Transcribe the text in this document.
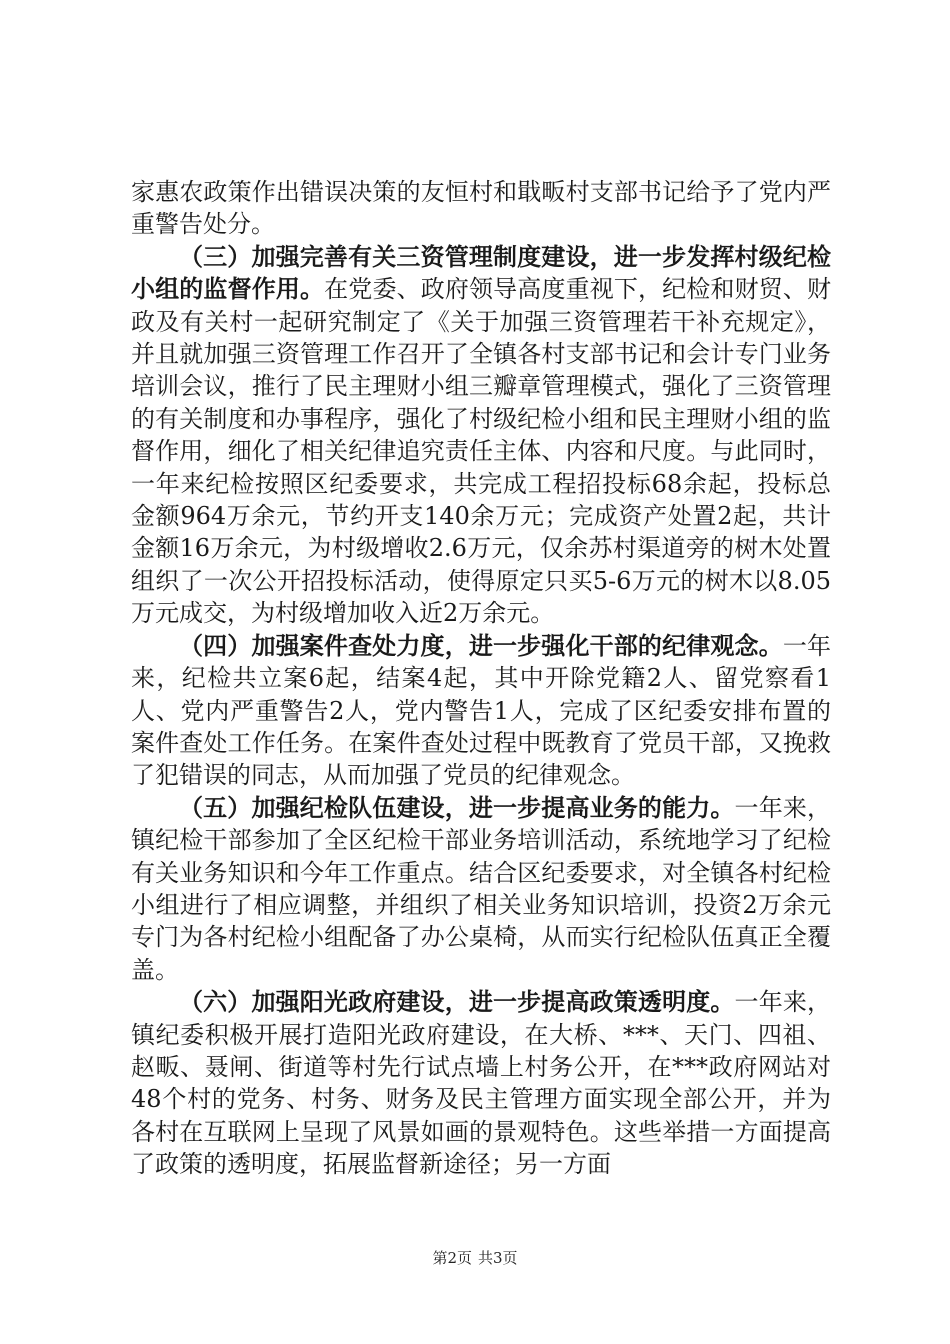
家惠农政策作出错误决策的友恒村和戢畈村支部书记给予了党内严重警告处分。

（三）加强完善有关三资管理制度建设，进一步发挥村级纪检小组的监督作用。在党委、政府领导高度重视下，纪检和财贸、财政及有关村一起研究制定了《关于加强三资管理若干补充规定》，并且就加强三资管理工作召开了全镇各村支部书记和会计专门业务培训会议，推行了民主理财小组三瓣章管理模式，强化了三资管理的有关制度和办事程序，强化了村级纪检小组和民主理财小组的监督作用，细化了相关纪律追究责任主体、内容和尺度。与此同时，一年来纪检按照区纪委要求，共完成工程招投标68余起，投标总金额964万余元，节约开支140余万元；完成资产处置2起，共计金额16万余元，为村级增收2.6万元，仅余苏村渠道旁的树木处置组织了一次公开招投标活动，使得原定只买5-6万元的树木以8.05万元成交，为村级增加收入近2万余元。

（四）加强案件查处力度，进一步强化干部的纪律观念。一年来，纪检共立案6起，结案4起，其中开除党籍2人、留党察看1人、党内严重警告2人，党内警告1人，完成了区纪委安排布置的案件查处工作任务。在案件查处过程中既教育了党员干部，又挽救了犯错误的同志，从而加强了党员的纪律观念。

（五）加强纪检队伍建设，进一步提高业务的能力。一年来，镇纪检干部参加了全区纪检干部业务培训活动，系统地学习了纪检有关业务知识和今年工作重点。结合区纪委要求，对全镇各村纪检小组进行了相应调整，并组织了相关业务知识培训，投资2万余元专门为各村纪检小组配备了办公桌椅，从而实行纪检队伍真正全覆盖。

（六）加强阳光政府建设，进一步提高政策透明度。一年来，镇纪委积极开展打造阳光政府建设，在大桥、***、天门、四祖、赵畈、聂闸、街道等村先行试点墙上村务公开，在***政府网站对48个村的党务、村务、财务及民主管理方面实现全部公开，并为各村在互联网上呈现了风景如画的景观特色。这些举措一方面提高了政策的透明度，拓展监督新途径；另一方面

第2页 共3页
